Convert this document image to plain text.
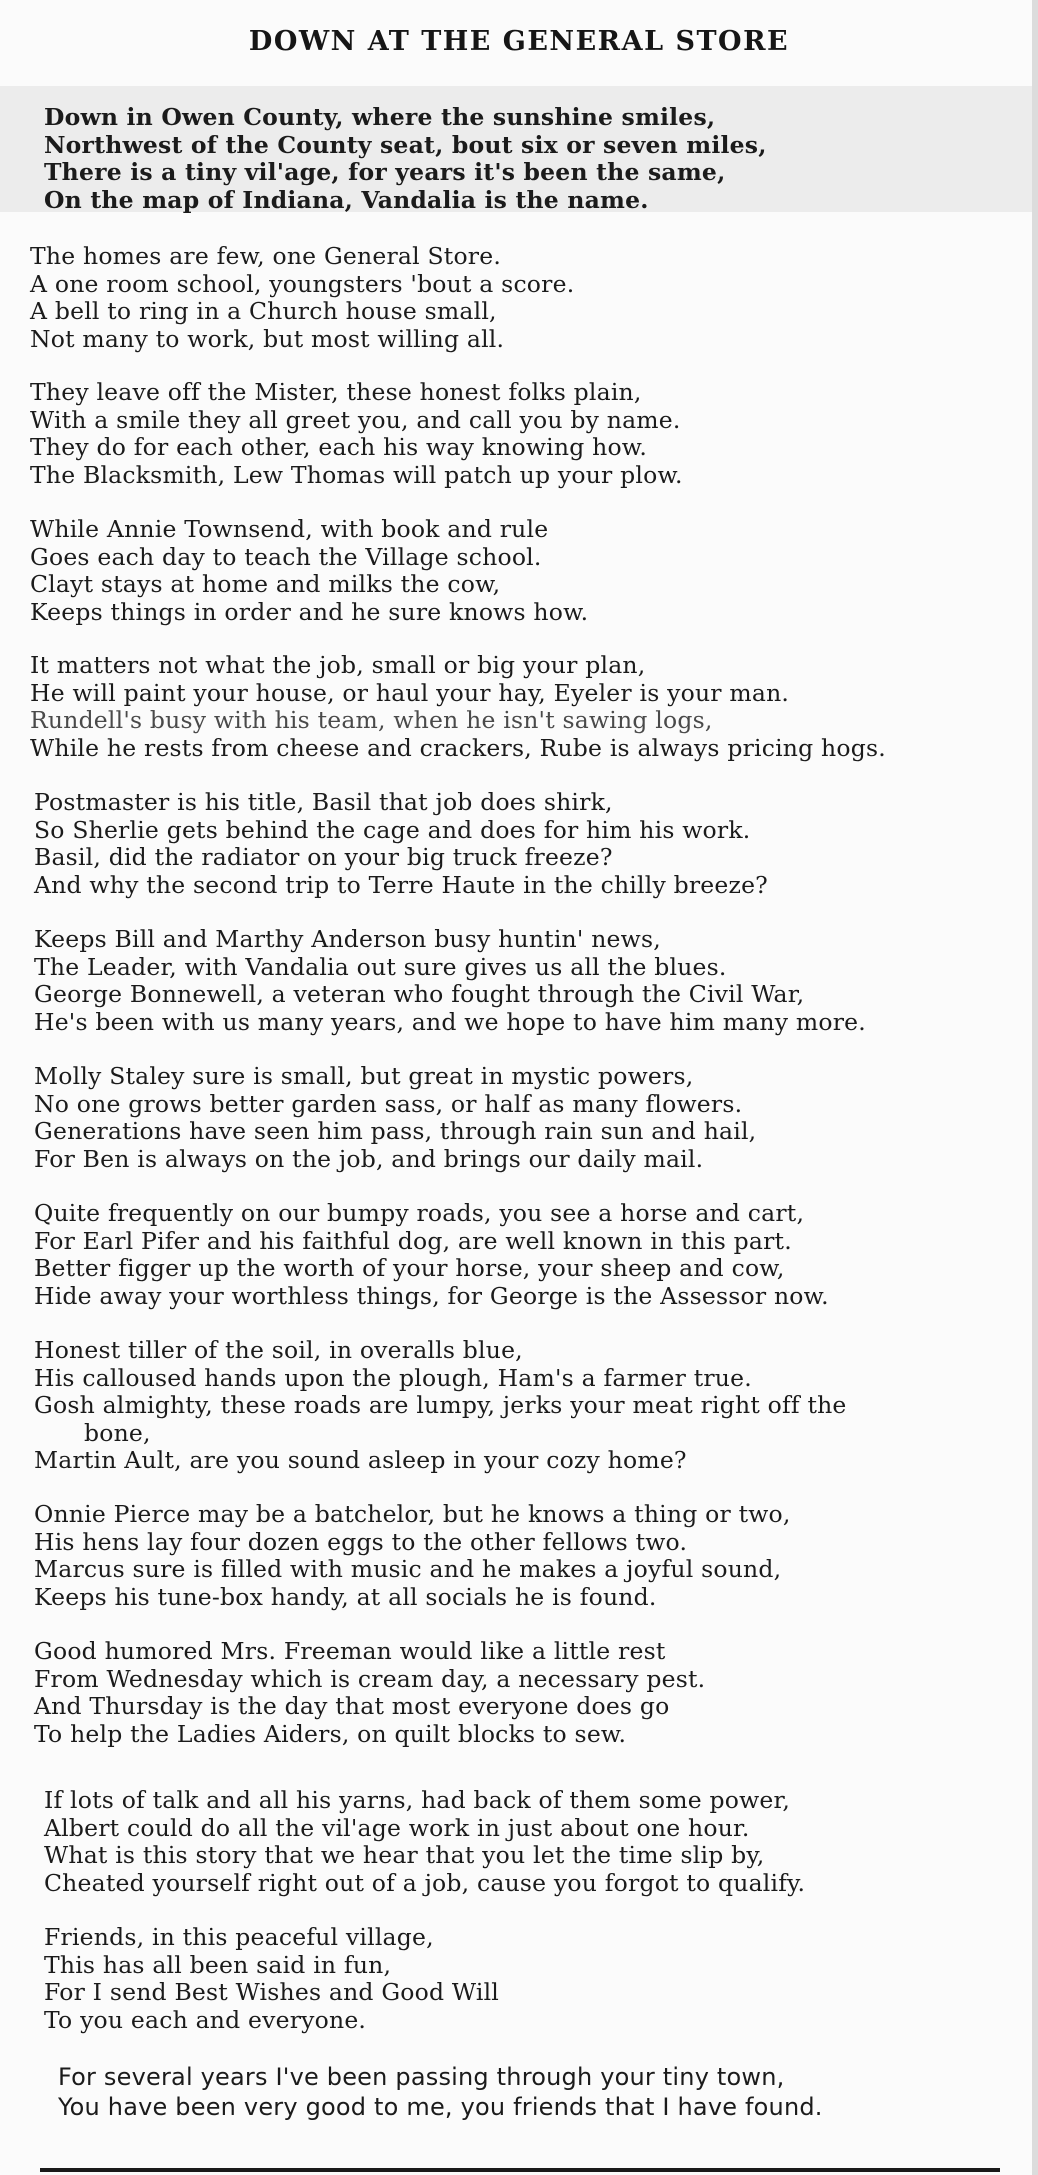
DOWN AT THE GENERAL STORE
Down in Owen County, where the sunshine smiles,
Northwest of the County seat, bout six or seven miles,
There is a tiny vil'age, for years it's been the same,
On the map of Indiana, Vandalia is the name.
The homes are few, one General Store.
A one room school, youngsters 'bout a score.
A bell to ring in a Church house small,
Not many to work, but most willing all.
They leave off the Mister, these honest folks plain,
With a smile they all greet you, and call you by name.
They do for each other, each his way knowing how.
The Blacksmith, Lew Thomas will patch up your plow.
While Annie Townsend, with book and rule
Goes each day to teach the Village school.
Clayt stays at home and milks the cow,
Keeps things in order and he sure knows how.
It matters not what the job, small or big your plan,
He will paint your house, or haul your hay, Eyeler is your man.
Rundell's busy with his team, when he isn't sawing logs,
While he rests from cheese and crackers, Rube is always pricing hogs.
Postmaster is his title, Basil that job does shirk,
So Sherlie gets behind the cage and does for him his work.
Basil, did the radiator on your big truck freeze?
And why the second trip to Terre Haute in the chilly breeze?
Keeps Bill and Marthy Anderson busy huntin' news,
The Leader, with Vandalia out sure gives us all the blues.
George Bonnewell, a veteran who fought through the Civil War,
He's been with us many years, and we hope to have him many more.
Molly Staley sure is small, but great in mystic powers,
No one grows better garden sass, or half as many flowers.
Generations have seen him pass, through rain sun and hail,
For Ben is always on the job, and brings our daily mail.
Quite frequently on our bumpy roads, you see a horse and cart,
For Earl Pifer and his faithful dog, are well known in this part.
Better figger up the worth of your horse, your sheep and cow,
Hide away your worthless things, for George is the Assessor now.
Honest tiller of the soil, in overalls blue,
His calloused hands upon the plough, Ham's a farmer true.
Gosh almighty, these roads are lumpy, jerks your meat right off the
bone,
Martin Ault, are you sound asleep in your cozy home?
Onnie Pierce may be a batchelor, but he knows a thing or two,
His hens lay four dozen eggs to the other fellows two.
Marcus sure is filled with music and he makes a joyful sound,
Keeps his tune-box handy, at all socials he is found.
Good humored Mrs. Freeman would like a little rest
From Wednesday which is cream day, a necessary pest.
And Thursday is the day that most everyone does go
To help the Ladies Aiders, on quilt blocks to sew.
If lots of talk and all his yarns, had back of them some power,
Albert could do all the vil'age work in just about one hour.
What is this story that we hear that you let the time slip by,
Cheated yourself right out of a job, cause you forgot to qualify.
Friends, in this peaceful village,
This has all been said in fun,
For I send Best Wishes and Good Will
To you each and everyone.
For several years I've been passing through your tiny town,
You have been very good to me, you friends that I have found.
